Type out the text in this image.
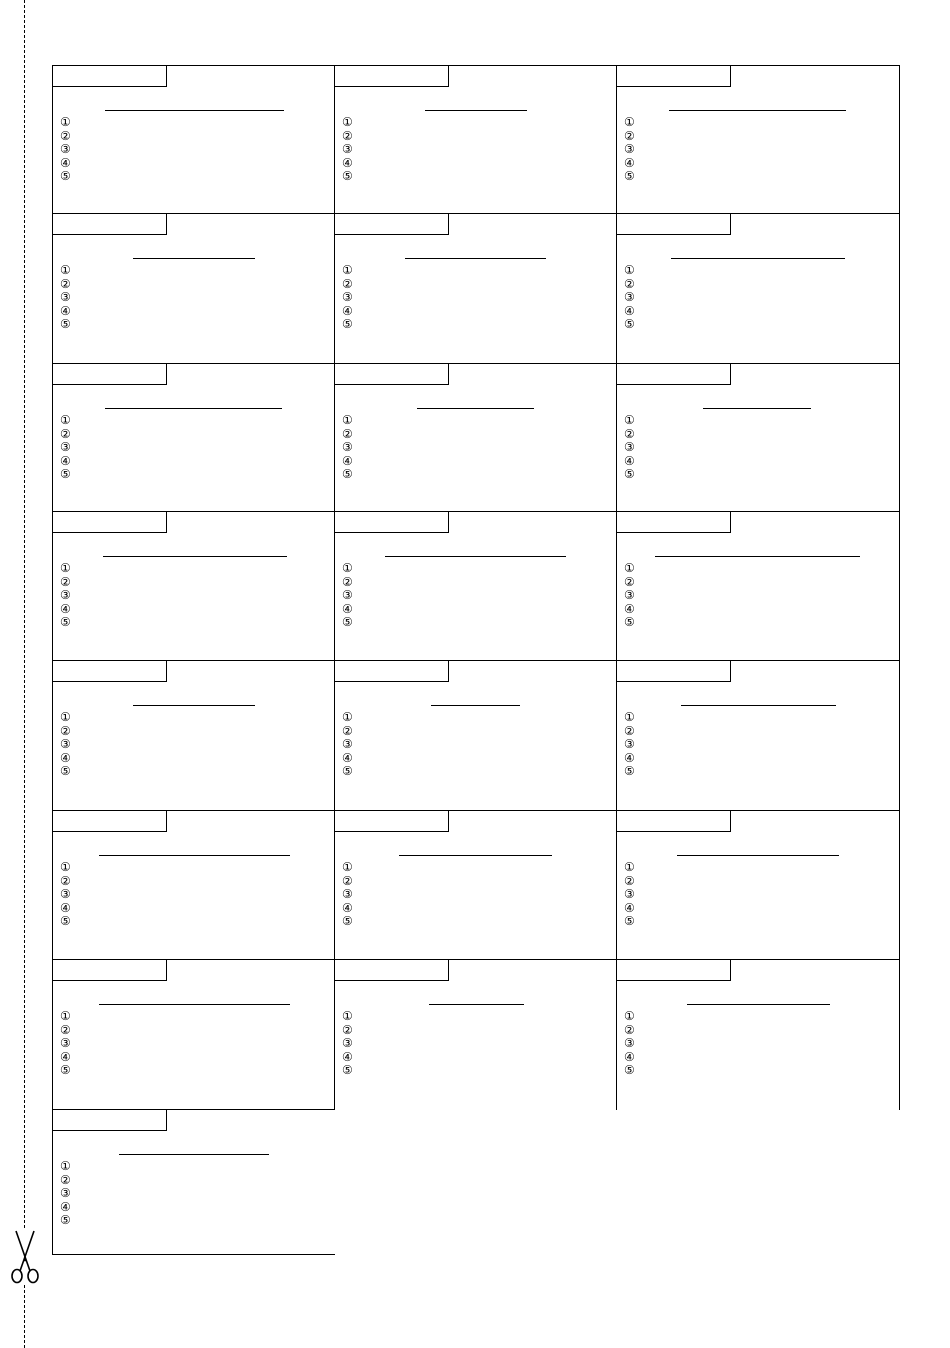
①
②
③
④
⑤
①
②
③
④
⑤
①
②
③
④
⑤
①
②
③
④
⑤
①
②
③
④
⑤
①
②
③
④
⑤
①
②
③
④
⑤
①
②
③
④
⑤
①
②
③
④
⑤
①
②
③
④
⑤
①
②
③
④
⑤
①
②
③
④
⑤
①
②
③
④
⑤
①
②
③
④
⑤
①
②
③
④
⑤
①
②
③
④
⑤
①
②
③
④
⑤
①
②
③
④
⑤
①
②
③
④
⑤
①
②
③
④
⑤
①
②
③
④
⑤
①
②
③
④
⑤
